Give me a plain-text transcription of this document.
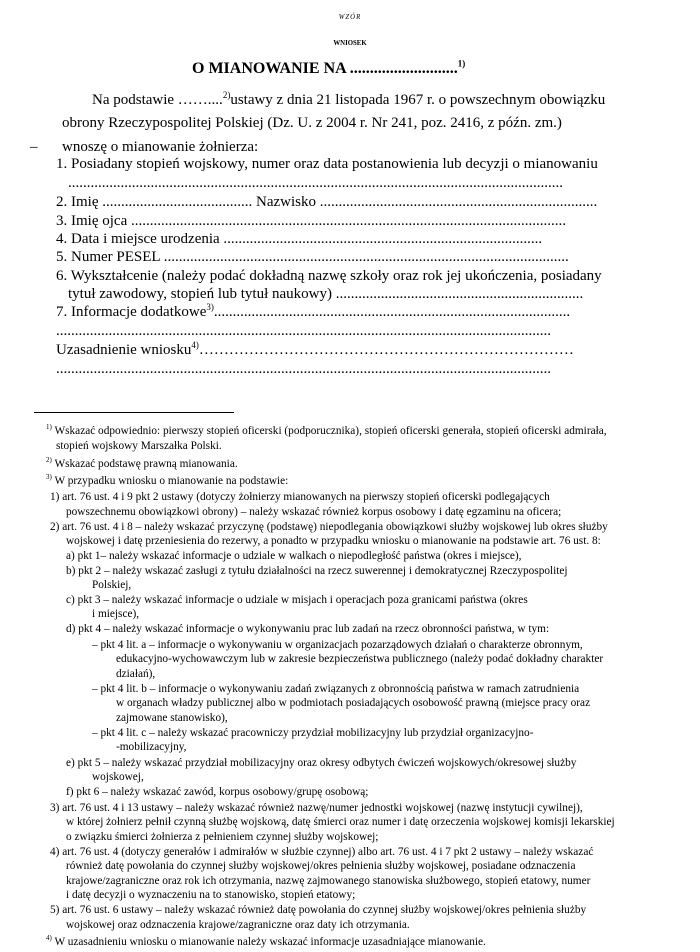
WZÓR
WNIOSEK
O MIANOWANIE NA ...........................$^{1)}$
Na podstawie ……....$^{2)}$ustawy z dnia 21 listopada 1967 r. o powszechnym obowiązku
obrony Rzeczypospolitej Polskiej (Dz. U. z 2004 r. Nr 241, poz. 2416, z późn. zm.)
– wnoszę o mianowanie żołnierza:
1. Posiadany stopień wojskowy, numer oraz data postanowienia lub decyzji o mianowaniu
....................................................................................................................................
2. Imię ........................................ Nazwisko ..........................................................................
3. Imię ojca ....................................................................................................................
4. Data i miejsce urodzenia .....................................................................................
5. Numer PESEL ............................................................................................................
6. Wykształcenie (należy podać dokładną nazwę szkoły oraz rok jej ukończenia, posiadany
tytuł zawodowy, stopień lub tytuł naukowy) ..................................................................
7. Informacje dodatkowe$^{3)}$...............................................................................................
....................................................................................................................................
Uzasadnienie wniosku$^{4)}$…………………………………………………………………
....................................................................................................................................
$^{1)}$ Wskazać odpowiednio: pierwszy stopień oficerski (podporucznika), stopień oficerski generała, stopień oficerski admirała,
stopień wojskowy Marszałka Polski.
$^{2)}$ Wskazać podstawę prawną mianowania.
$^{3)}$ W przypadku wniosku o mianowanie na podstawie:
1) art. 76 ust. 4 i 9 pkt 2 ustawy (dotyczy żołnierzy mianowanych na pierwszy stopień oficerski podlegających
powszechnemu obowiązkowi obrony) – należy wskazać również korpus osobowy i datę egzaminu na oficera;
2) art. 76 ust. 4 i 8 – należy wskazać przyczynę (podstawę) niepodlegania obowiązkowi służby wojskowej lub okres służby
wojskowej i datę przeniesienia do rezerwy, a ponadto w przypadku wniosku o mianowanie na podstawie art. 76 ust. 8:
a) pkt 1– należy wskazać informacje o udziale w walkach o niepodległość państwa (okres i miejsce),
b) pkt 2 – należy wskazać zasługi z tytułu działalności na rzecz suwerennej i demokratycznej Rzeczypospolitej
Polskiej,
c) pkt 3 – należy wskazać informacje o udziale w misjach i operacjach poza granicami państwa (okres
i miejsce),
d) pkt 4 – należy wskazać informacje o wykonywaniu prac lub zadań na rzecz obronności państwa, w tym:
– pkt 4 lit. a – informacje o wykonywaniu w organizacjach pozarządowych działań o charakterze obronnym,
edukacyjno-wychowawczym lub w zakresie bezpieczeństwa publicznego (należy podać dokładny charakter
działań),
– pkt 4 lit. b – informacje o wykonywaniu zadań związanych z obronnością państwa w ramach zatrudnienia
w organach władzy publicznej albo w podmiotach posiadających osobowość prawną (miejsce pracy oraz
zajmowane stanowisko),
– pkt 4 lit. c – należy wskazać pracowniczy przydział mobilizacyjny lub przydział organizacyjno-
-mobilizacyjny,
e) pkt 5 – należy wskazać przydział mobilizacyjny oraz okresy odbytych ćwiczeń wojskowych/okresowej służby
wojskowej,
f) pkt 6 – należy wskazać zawód, korpus osobowy/grupę osobową;
3) art. 76 ust. 4 i 13 ustawy – należy wskazać również nazwę/numer jednostki wojskowej (nazwę instytucji cywilnej),
w której żołnierz pełnił czynną służbę wojskową, datę śmierci oraz numer i datę orzeczenia wojskowej komisji lekarskiej
o związku śmierci żołnierza z pełnieniem czynnej służby wojskowej;
4) art. 76 ust. 4 (dotyczy generałów i admirałów w służbie czynnej) albo art. 76 ust. 4 i 7 pkt 2 ustawy – należy wskazać
również datę powołania do czynnej służby wojskowej/okres pełnienia służby wojskowej, posiadane odznaczenia
krajowe/zagraniczne oraz rok ich otrzymania, nazwę zajmowanego stanowiska służbowego, stopień etatowy, numer
i datę decyzji o wyznaczeniu na to stanowisko, stopień etatowy;
5) art. 76 ust. 6 ustawy – należy wskazać również datę powołania do czynnej służby wojskowej/okres pełnienia służby
wojskowej oraz odznaczenia krajowe/zagraniczne oraz daty ich otrzymania.
$^{4)}$ W uzasadnieniu wniosku o mianowanie należy wskazać informacje uzasadniające mianowanie.
